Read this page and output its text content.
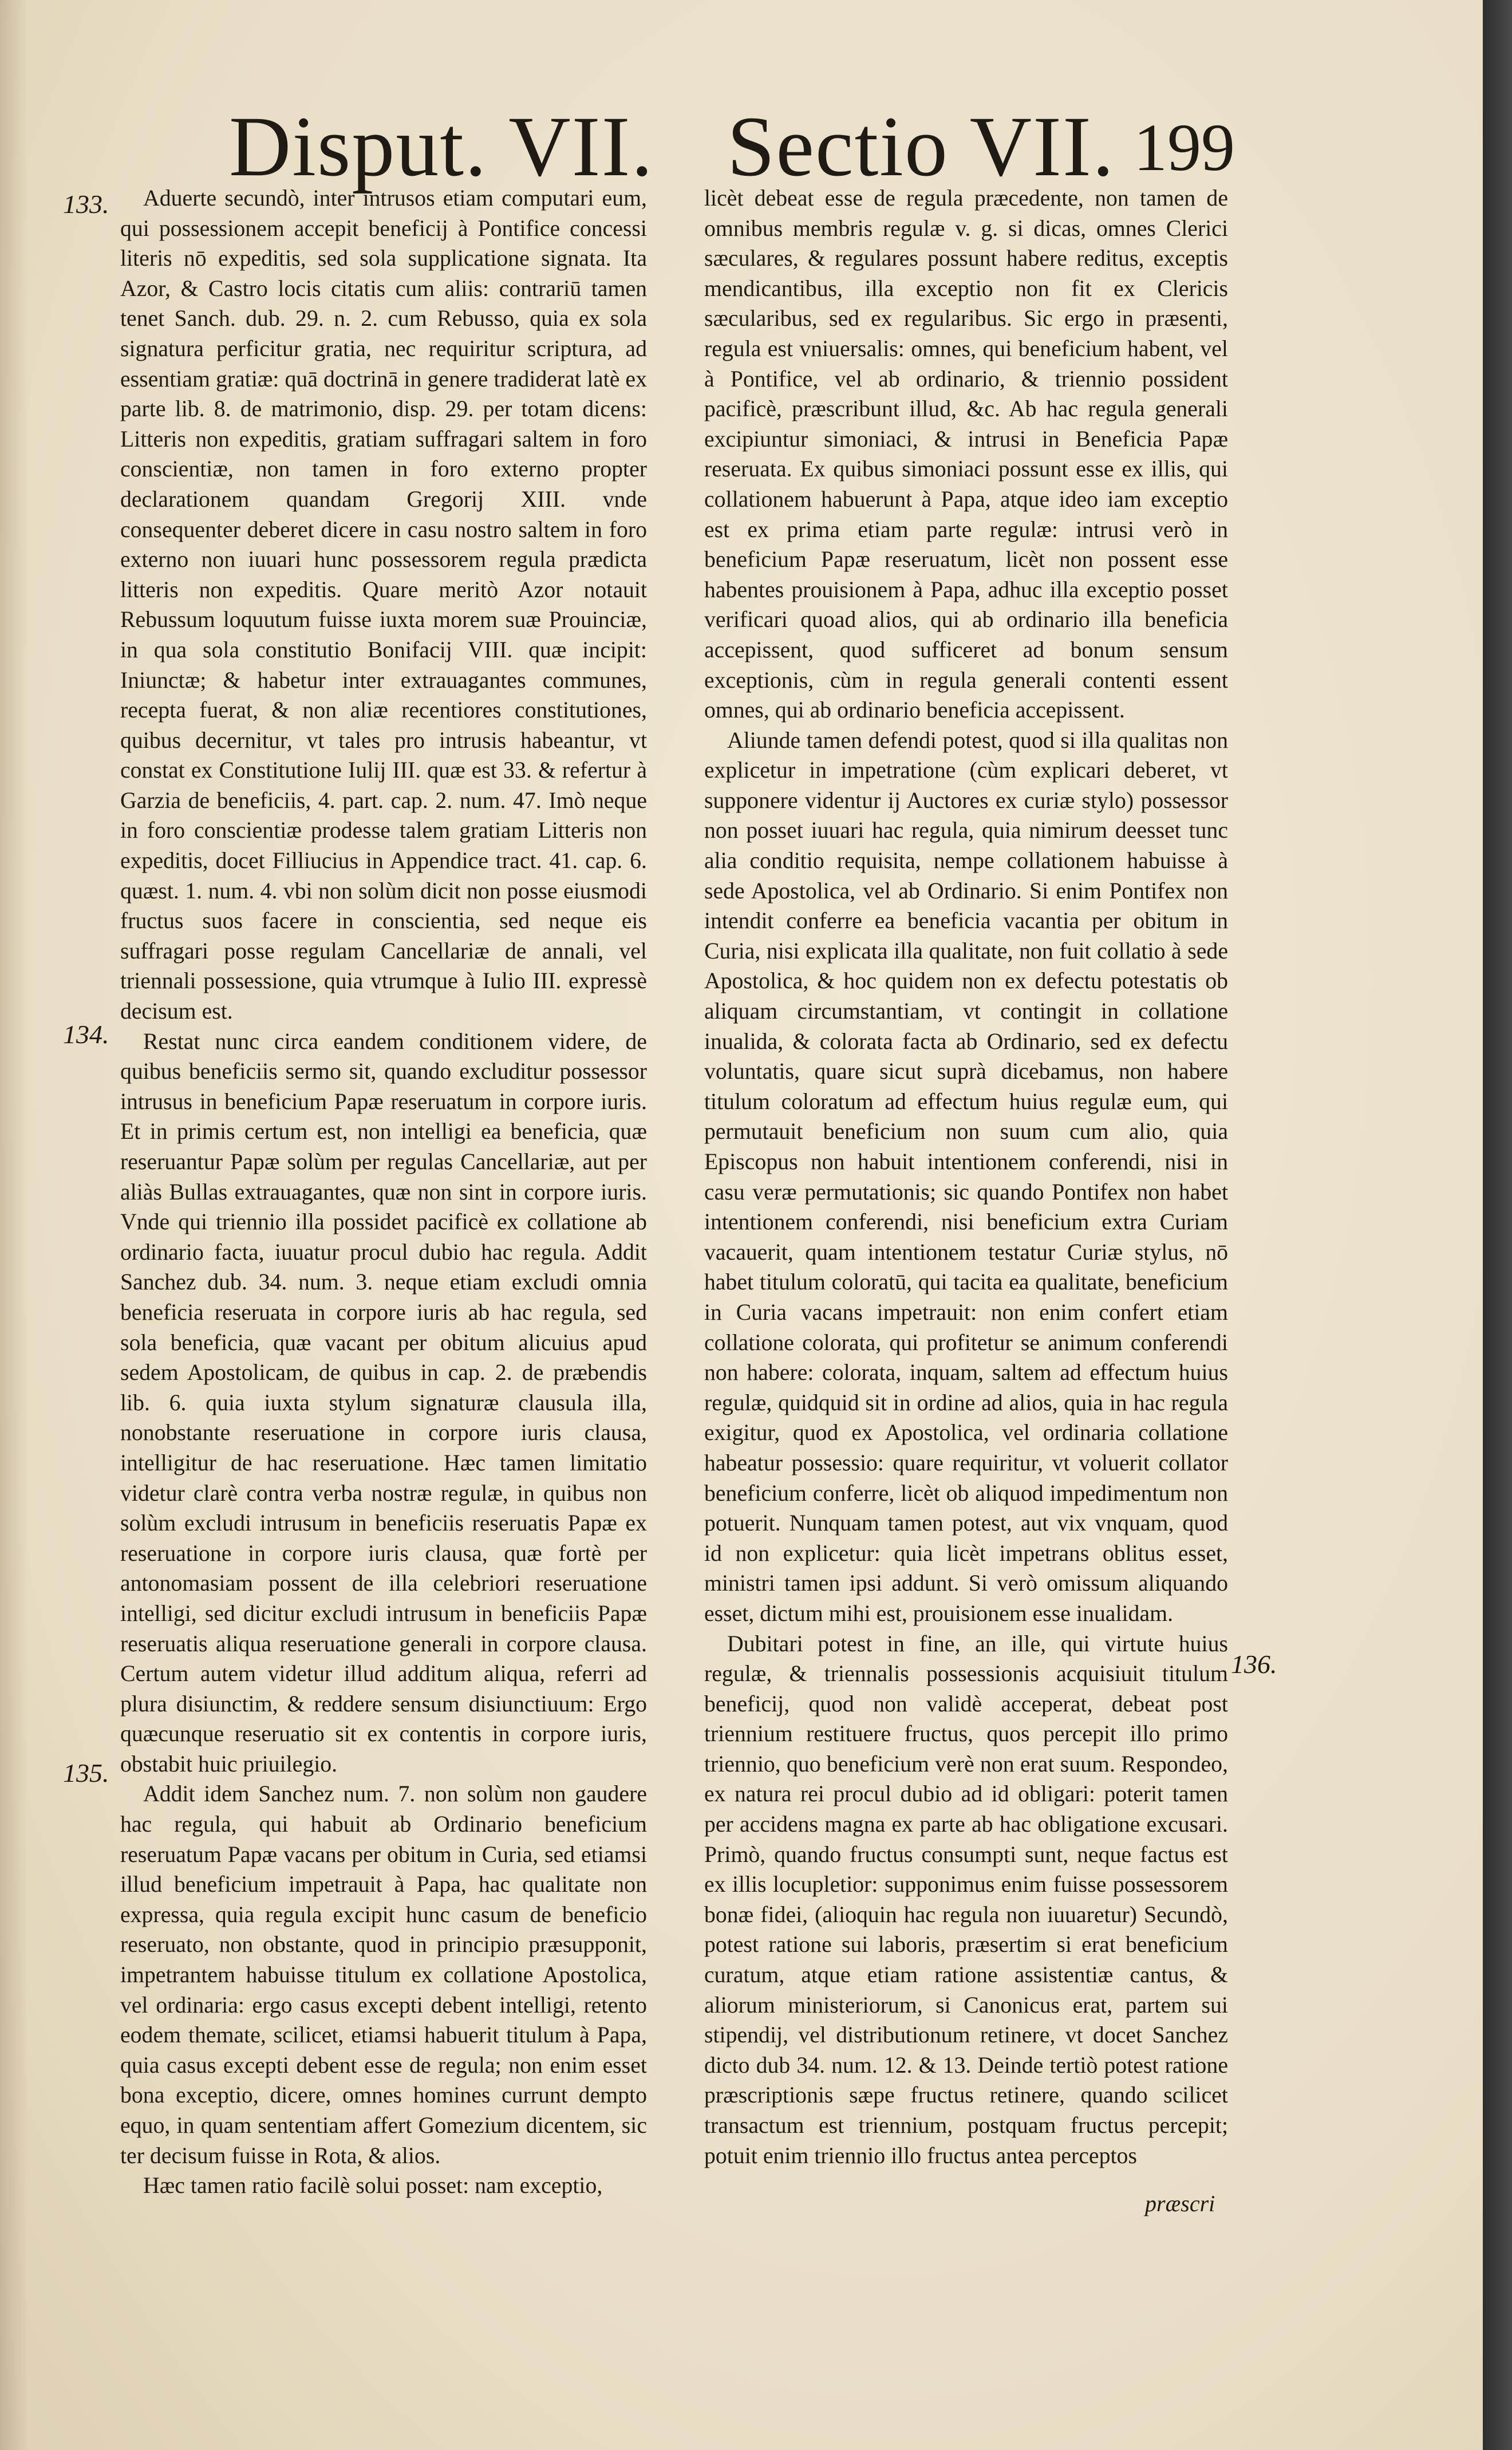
Disput. VII. Sectio VII. 199
133.
134.
135.
136.

Aduerte secundò, inter intrusos etiam computari eum, qui possessionem accepit beneficij à Pontifice concessi literis nō expeditis, sed sola supplicatione signata. Ita Azor, & Castro locis citatis cum aliis: contrariū tamen tenet Sanch. dub. 29. n. 2. cum Rebusso, quia ex sola signatura perficitur gratia, nec requiritur scriptura, ad essentiam gratiæ: quā doctrinā in genere tradiderat latè ex parte lib. 8. de matrimonio, disp. 29. per totam dicens: Litteris non expeditis, gratiam suffragari saltem in foro conscientiæ, non tamen in foro externo propter declarationem quandam Gregorij XIII. vnde consequenter deberet dicere in casu nostro saltem in foro externo non iuuari hunc possessorem regula prædicta litteris non expeditis. Quare meritò Azor notauit Rebussum loquutum fuisse iuxta morem suæ Prouinciæ, in qua sola constitutio Bonifacij VIII. quæ incipit: Iniunctæ; & habetur inter extrauagantes communes, recepta fuerat, & non aliæ recentiores constitutiones, quibus decernitur, vt tales pro intrusis habeantur, vt constat ex Constitutione Iulij III. quæ est 33. & refertur à Garzia de beneficiis, 4. part. cap. 2. num. 47. Imò neque in foro conscientiæ prodesse talem gratiam Litteris non expeditis, docet Filliucius in Appendice tract. 41. cap. 6. quæst. 1. num. 4. vbi non solùm dicit non posse eiusmodi fructus suos facere in conscientia, sed neque eis suffragari posse regulam Cancellariæ de annali, vel triennali possessione, quia vtrumque à Iulio III. expressè decisum est.

Restat nunc circa eandem conditionem videre, de quibus beneficiis sermo sit, quando excluditur possessor intrusus in beneficium Papæ reseruatum in corpore iuris. Et in primis certum est, non intelligi ea beneficia, quæ reseruantur Papæ solùm per regulas Cancellariæ, aut per aliàs Bullas extrauagantes, quæ non sint in corpore iuris. Vnde qui triennio illa possidet pacificè ex collatione ab ordinario facta, iuuatur procul dubio hac regula. Addit Sanchez dub. 34. num. 3. neque etiam excludi omnia beneficia reseruata in corpore iuris ab hac regula, sed sola beneficia, quæ vacant per obitum alicuius apud sedem Apostolicam, de quibus in cap. 2. de præbendis lib. 6. quia iuxta stylum signaturæ clausula illa, nonobstante reseruatione in corpore iuris clausa, intelligitur de hac reseruatione. Hæc tamen limitatio videtur clarè contra verba nostræ regulæ, in quibus non solùm excludi intrusum in beneficiis reseruatis Papæ ex reseruatione in corpore iuris clausa, quæ fortè per antonomasiam possent de illa celebriori reseruatione intelligi, sed dicitur excludi intrusum in beneficiis Papæ reseruatis aliqua reseruatione generali in corpore clausa. Certum autem videtur illud additum aliqua, referri ad plura disiunctim, & reddere sensum disiunctiuum: Ergo quæcunque reseruatio sit ex contentis in corpore iuris, obstabit huic priuilegio.

Addit idem Sanchez num. 7. non solùm non gaudere hac regula, qui habuit ab Ordinario beneficium reseruatum Papæ vacans per obitum in Curia, sed etiamsi illud beneficium impetrauit à Papa, hac qualitate non expressa, quia regula excipit hunc casum de beneficio reseruato, non obstante, quod in principio præsupponit, impetrantem habuisse titulum ex collatione Apostolica, vel ordinaria: ergo casus excepti debent intelligi, retento eodem themate, scilicet, etiamsi habuerit titulum à Papa, quia casus excepti debent esse de regula; non enim esset bona exceptio, dicere, omnes homines currunt dempto equo, in quam sententiam affert Gomezium dicentem, sic ter decisum fuisse in Rota, & alios.

Hæc tamen ratio facilè solui posset: nam exceptio,

licèt debeat esse de regula præcedente, non tamen de omnibus membris regulæ v. g. si dicas, omnes Clerici sæculares, & regulares possunt habere reditus, exceptis mendicantibus, illa exceptio non fit ex Clericis sæcularibus, sed ex regularibus. Sic ergo in præsenti, regula est vniuersalis: omnes, qui beneficium habent, vel à Pontifice, vel ab ordinario, & triennio possident pacificè, præscribunt illud, &c. Ab hac regula generali excipiuntur simoniaci, & intrusi in Beneficia Papæ reseruata. Ex quibus simoniaci possunt esse ex illis, qui collationem habuerunt à Papa, atque ideo iam exceptio est ex prima etiam parte regulæ: intrusi verò in beneficium Papæ reseruatum, licèt non possent esse habentes prouisionem à Papa, adhuc illa exceptio posset verificari quoad alios, qui ab ordinario illa beneficia accepissent, quod sufficeret ad bonum sensum exceptionis, cùm in regula generali contenti essent omnes, qui ab ordinario beneficia accepissent.

Aliunde tamen defendi potest, quod si illa qualitas non explicetur in impetratione (cùm explicari deberet, vt supponere videntur ij Auctores ex curiæ stylo) possessor non posset iuuari hac regula, quia nimirum deesset tunc alia conditio requisita, nempe collationem habuisse à sede Apostolica, vel ab Ordinario. Si enim Pontifex non intendit conferre ea beneficia vacantia per obitum in Curia, nisi explicata illa qualitate, non fuit collatio à sede Apostolica, & hoc quidem non ex defectu potestatis ob aliquam circumstantiam, vt contingit in collatione inualida, & colorata facta ab Ordinario, sed ex defectu voluntatis, quare sicut suprà dicebamus, non habere titulum coloratum ad effectum huius regulæ eum, qui permutauit beneficium non suum cum alio, quia Episcopus non habuit intentionem conferendi, nisi in casu veræ permutationis; sic quando Pontifex non habet intentionem conferendi, nisi beneficium extra Curiam vacauerit, quam intentionem testatur Curiæ stylus, nō habet titulum coloratū, qui tacita ea qualitate, beneficium in Curia vacans impetrauit: non enim confert etiam collatione colorata, qui profitetur se animum conferendi non habere: colorata, inquam, saltem ad effectum huius regulæ, quidquid sit in ordine ad alios, quia in hac regula exigitur, quod ex Apostolica, vel ordinaria collatione habeatur possessio: quare requiritur, vt voluerit collator beneficium conferre, licèt ob aliquod impedimentum non potuerit. Nunquam tamen potest, aut vix vnquam, quod id non explicetur: quia licèt impetrans oblitus esset, ministri tamen ipsi addunt. Si verò omissum aliquando esset, dictum mihi est, prouisionem esse inualidam.

Dubitari potest in fine, an ille, qui virtute huius regulæ, & triennalis possessionis acquisiuit titulum beneficij, quod non validè acceperat, debeat post triennium restituere fructus, quos percepit illo primo triennio, quo beneficium verè non erat suum. Respondeo, ex natura rei procul dubio ad id obligari: poterit tamen per accidens magna ex parte ab hac obligatione excusari. Primò, quando fructus consumpti sunt, neque factus est ex illis locupletior: supponimus enim fuisse possessorem bonæ fidei, (alioquin hac regula non iuuaretur) Secundò, potest ratione sui laboris, præsertim si erat beneficium curatum, atque etiam ratione assistentiæ cantus, & aliorum ministeriorum, si Canonicus erat, partem sui stipendij, vel distributionum retinere, vt docet Sanchez dicto dub 34. num. 12. & 13. Deinde tertiò potest ratione præscriptionis sæpe fructus retinere, quando scilicet transactum est triennium, postquam fructus percepit; potuit enim triennio illo fructus antea perceptos

præscri
